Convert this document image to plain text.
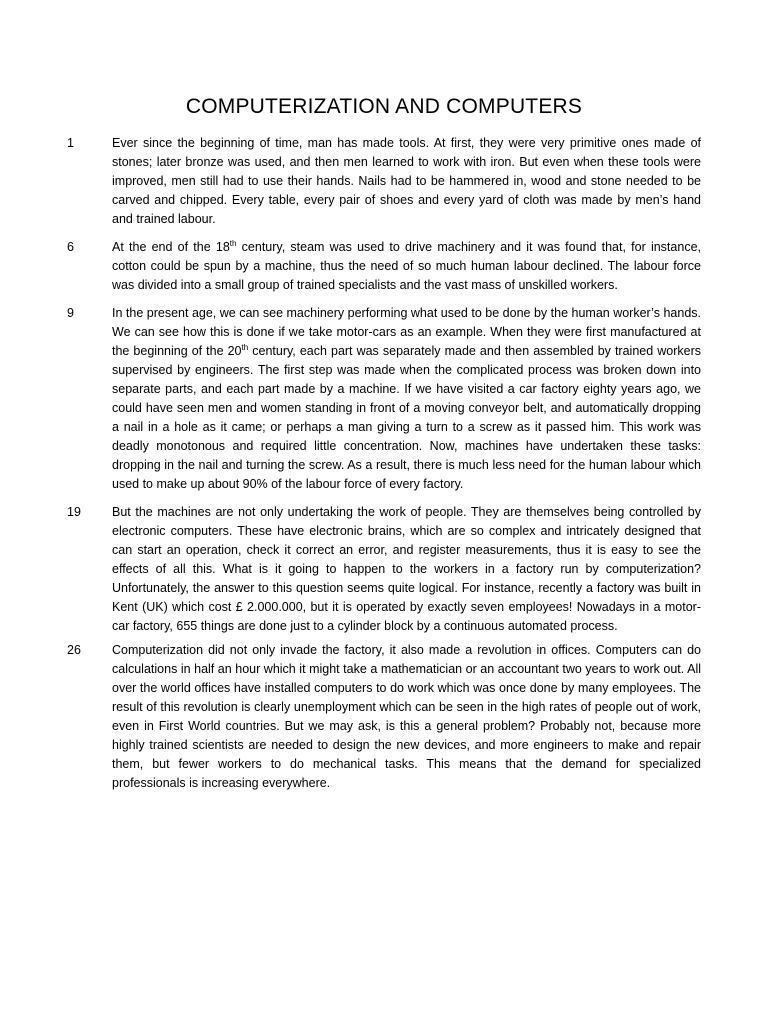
COMPUTERIZATION AND COMPUTERS
1	Ever since the beginning of time, man has made tools. At first, they were very primitive ones made of stones; later bronze was used, and then men learned to work with iron. But even when these tools were improved, men still had to use their hands. Nails had to be hammered in, wood and stone needed to be carved and chipped. Every table, every pair of shoes and every yard of cloth was made by men’s hand and trained labour.
6	At the end of the 18th century, steam was used to drive machinery and it was found that, for instance, cotton could be spun by a machine, thus the need of so much human labour declined. The labour force was divided into a small group of trained specialists and the vast mass of unskilled workers.
9	In the present age, we can see machinery performing what used to be done by the human worker’s hands. We can see how this is done if we take motor-cars as an example. When they were first manufactured at the beginning of the 20th century, each part was separately made and then assembled by trained workers supervised by engineers. The first step was made when the complicated process was broken down into separate parts, and each part made by a machine. If we have visited a car factory eighty years ago, we could have seen men and women standing in front of a moving conveyor belt, and automatically dropping a nail in a hole as it came; or perhaps a man giving a turn to a screw as it passed him. This work was deadly monotonous and required little concentration. Now, machines have undertaken these tasks: dropping in the nail and turning the screw. As a result, there is much less need for the human labour which used to make up about 90% of the labour force of every factory.
19 But the machines are not only undertaking the work of people. They are themselves being controlled by electronic computers. These have electronic brains, which are so complex and intricately designed that can start an operation, check it correct an error, and register measurements, thus it is easy to see the effects of all this. What is it going to happen to the workers in a factory run by computerization? Unfortunately, the answer to this question seems quite logical. For instance, recently a factory was built in Kent (UK) which cost £ 2.000.000, but it is operated by exactly seven employees! Nowadays in a motor-car factory, 655 things are done just to a cylinder block by a continuous automated process.
26 Computerization did not only invade the factory, it also made a revolution in offices. Computers can do calculations in half an hour which it might take a mathematician or an accountant two years to work out. All over the world offices have installed computers to do work which was once done by many employees. The result of this revolution is clearly unemployment which can be seen in the high rates of people out of work, even in First World countries. But we may ask, is this a general problem? Probably not, because more highly trained scientists are needed to design the new devices, and more engineers to make and repair them, but fewer workers to do mechanical tasks. This means that the demand for specialized professionals is increasing everywhere.
